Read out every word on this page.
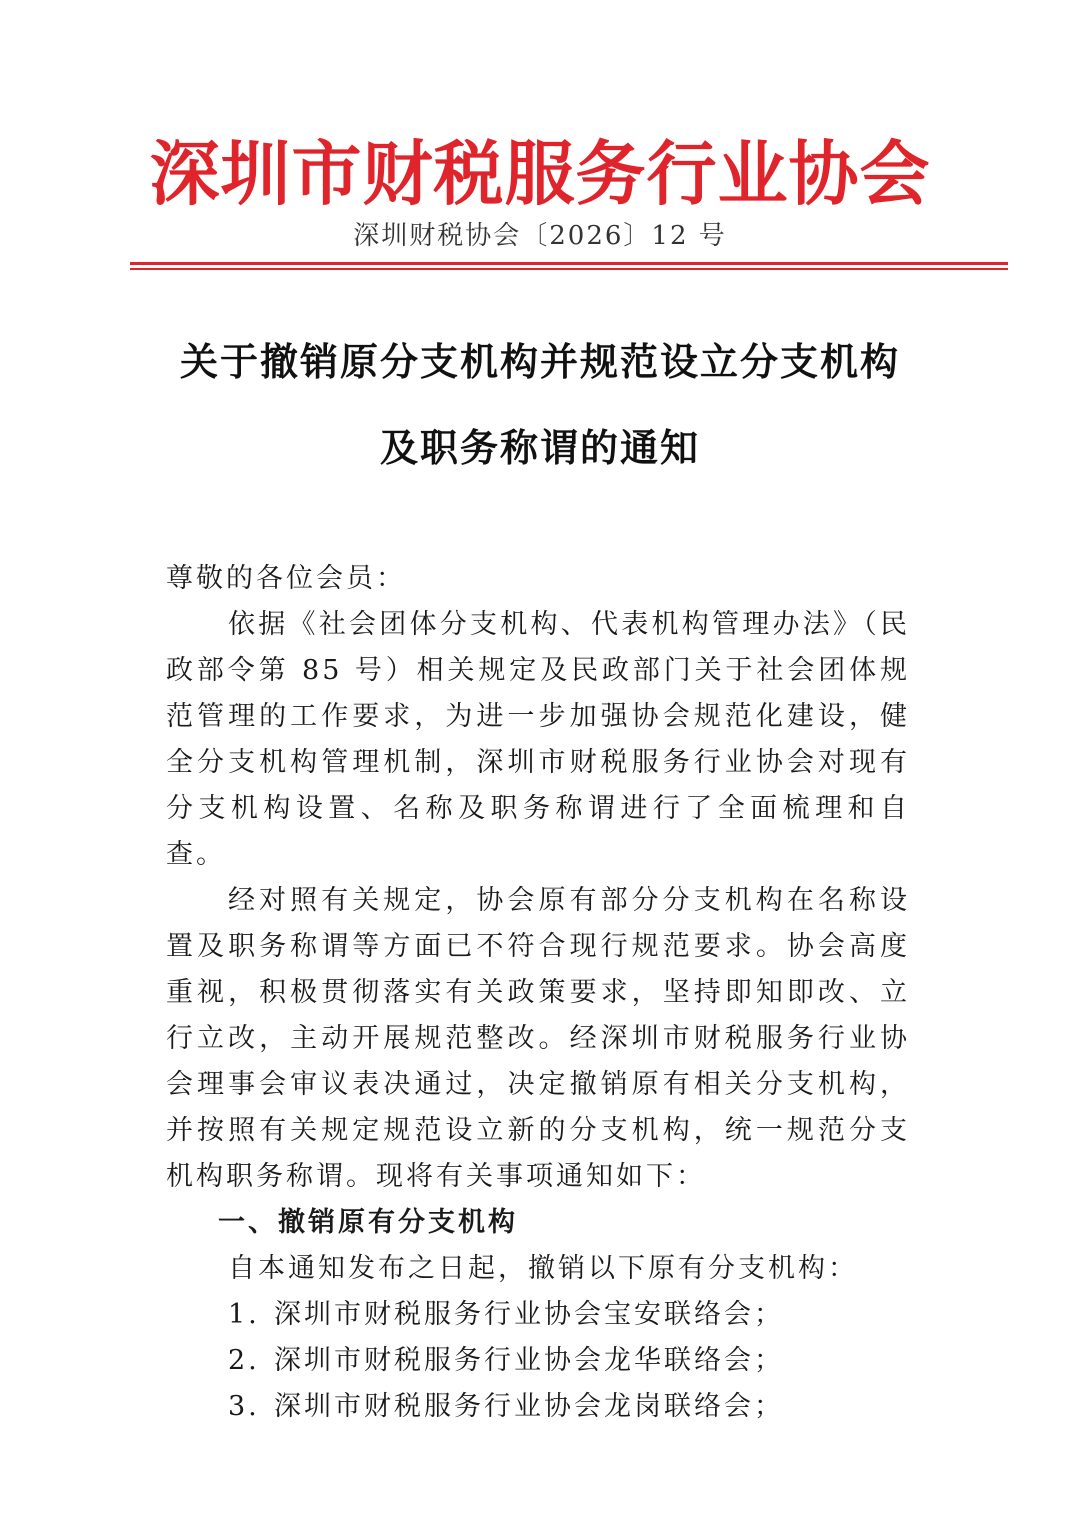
深圳市财税服务行业协会
深圳财税协会〔2026〕12 号
关于撤销原分支机构并规范设立分支机构
及职务称谓的通知

尊敬的各位会员：

依据《社会团体分支机构、代表机构管理办法》（民政部令第 85 号）相关规定及民政部门关于社会团体规范管理的工作要求，为进一步加强协会规范化建设，健全分支机构管理机制，深圳市财税服务行业协会对现有分支机构设置、名称及职务称谓进行了全面梳理和自查。

经对照有关规定，协会原有部分分支机构在名称设置及职务称谓等方面已不符合现行规范要求。协会高度重视，积极贯彻落实有关政策要求，坚持即知即改、立行立改，主动开展规范整改。经深圳市财税服务行业协会理事会审议表决通过，决定撤销原有相关分支机构，并按照有关规定规范设立新的分支机构，统一规范分支机构职务称谓。现将有关事项通知如下：

一、撤销原有分支机构

自本通知发布之日起，撤销以下原有分支机构：

1. 深圳市财税服务行业协会宝安联络会；
2. 深圳市财税服务行业协会龙华联络会；
3. 深圳市财税服务行业协会龙岗联络会；
